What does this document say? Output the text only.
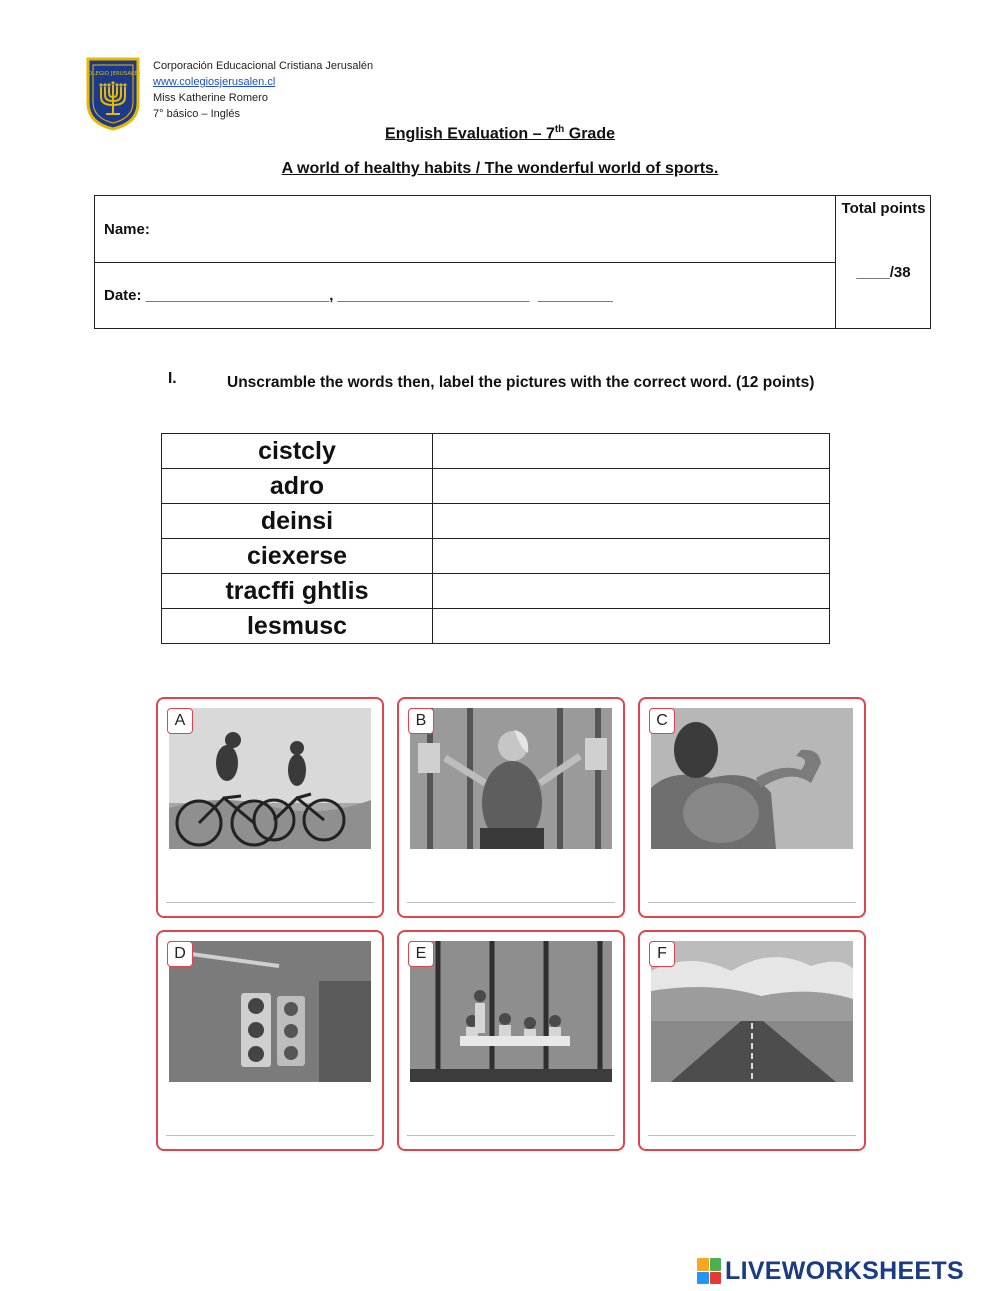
COLEGIO JERUSALEN
Corporación Educacional Cristiana Jerusalén
www.colegiosjerusalen.cl
Miss Katherine Romero
7° básico – Inglés
English Evaluation – 7th Grade
A world of healthy habits / The wonderful world of sports.
Name:
Date: ______________________, _______________________  _________
Total points
____/38
I.	Unscramble the words then, label the pictures with the correct word. (12 points)
cistcly	
adro	
deinsi	
ciexerse	
tracffi ghtlis	
lesmusc	
A	B	C
D	E	F
LIVEWORKSHEETS
